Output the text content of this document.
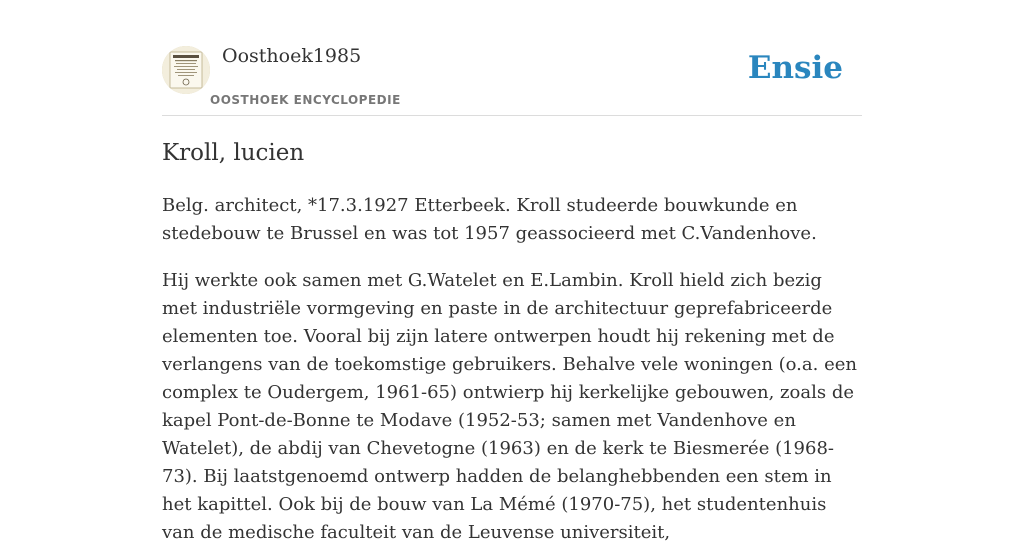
Oosthoek1985
OOSTHOEK ENCYCLOPEDIE
Ensie
Kroll, lucien

Belg. architect, *17.3.1927 Etterbeek. Kroll studeerde bouwkunde en stedebouw te Brussel en was tot 1957 geassocieerd met C.Vandenhove.

Hij werkte ook samen met G.Watelet en E.Lambin. Kroll hield zich bezig met industriële vormgeving en paste in de architectuur geprefabriceerde elementen toe. Vooral bij zijn latere ontwerpen houdt hij rekening met de verlangens van de toekomstige gebruikers. Behalve vele woningen (o.a. een complex te Oudergem, 1961-65) ontwierp hij kerkelijke gebouwen, zoals de kapel Pont-de-Bonne te Modave (1952-53; samen met Vandenhove en Watelet), de abdij van Chevetogne (1963) en de kerk te Biesmerée (1968-73). Bij laatstgenoemd ontwerp hadden de belanghebbenden een stem in het kapittel. Ook bij de bouw van La Mémé (1970-75), het studentenhuis van de medische faculteit van de Leuvense universiteit,
